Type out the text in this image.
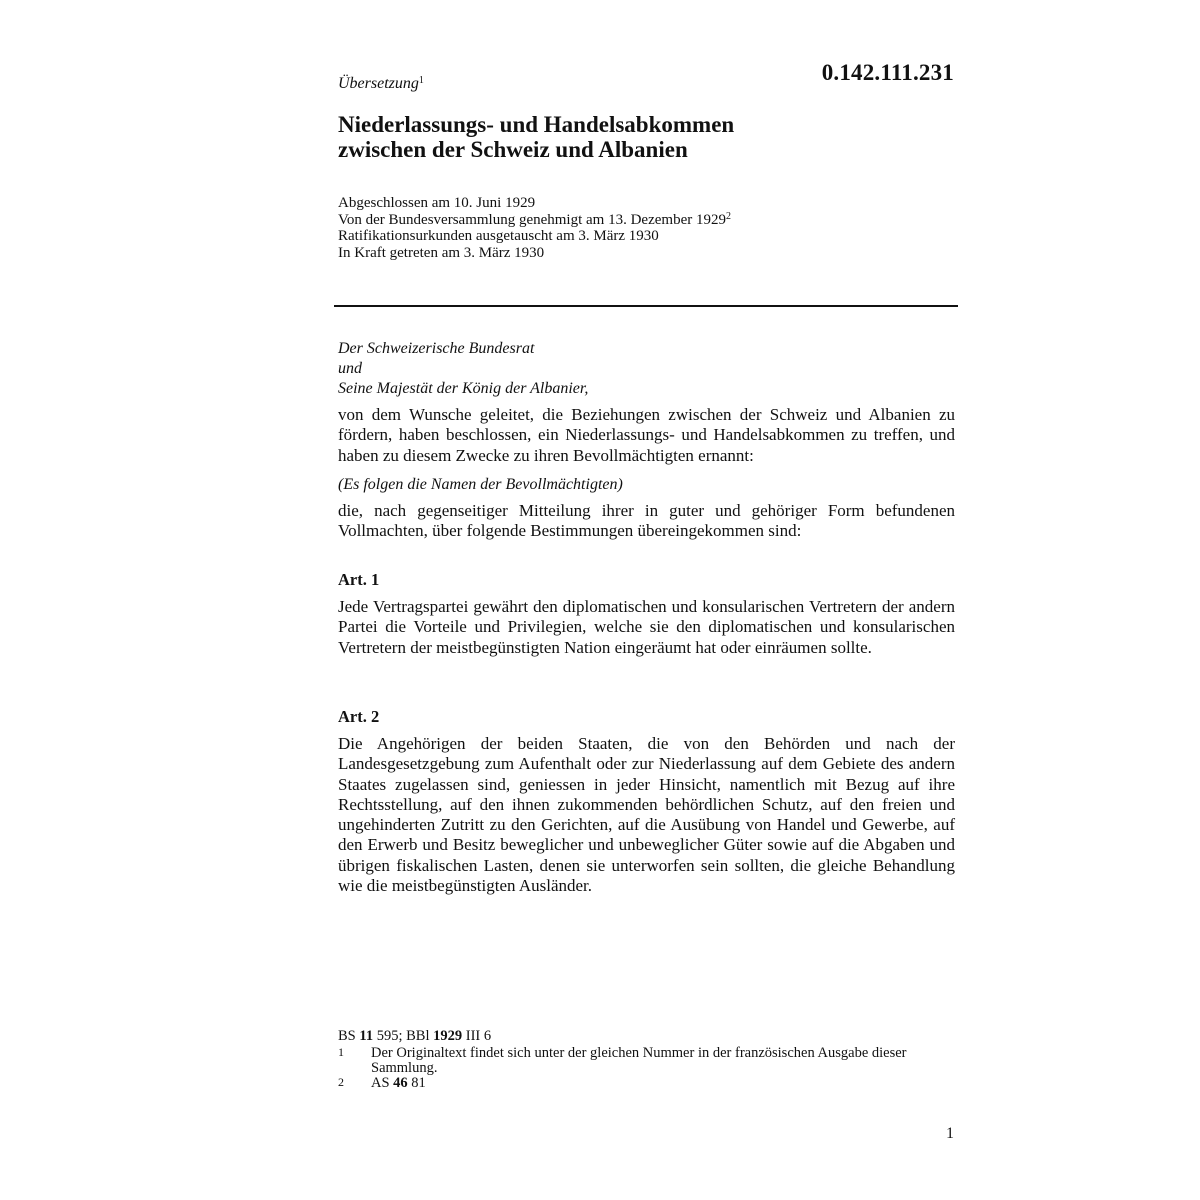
Übersetzung$^1$	0.142.111.231
Niederlassungs- und Handelsabkommen
zwischen der Schweiz und Albanien
Abgeschlossen am 10. Juni 1929
Von der Bundesversammlung genehmigt am 13. Dezember 1929$^2$
Ratifikationsurkunden ausgetauscht am 3. März 1930
In Kraft getreten am 3. März 1930
Der Schweizerische Bundesrat
und
Seine Majestät der König der Albanier,
von dem Wunsche geleitet, die Beziehungen zwischen der Schweiz und Albanien zu fördern, haben beschlossen, ein Niederlassungs- und Handelsabkommen zu treffen, und haben zu diesem Zwecke zu ihren Bevollmächtigten ernannt:
(Es folgen die Namen der Bevollmächtigten)
die, nach gegenseitiger Mitteilung ihrer in guter und gehöriger Form befundenen Vollmachten, über folgende Bestimmungen übereingekommen sind:
Art. 1
Jede Vertragspartei gewährt den diplomatischen und konsularischen Vertretern der andern Partei die Vorteile und Privilegien, welche sie den diplomatischen und konsularischen Vertretern der meistbegünstigten Nation eingeräumt hat oder einräumen sollte.
Art. 2
Die Angehörigen der beiden Staaten, die von den Behörden und nach der Landesgesetzgebung zum Aufenthalt oder zur Niederlassung auf dem Gebiete des andern Staates zugelassen sind, geniessen in jeder Hinsicht, namentlich mit Bezug auf ihre Rechtsstellung, auf den ihnen zukommenden behördlichen Schutz, auf den freien und ungehinderten Zutritt zu den Gerichten, auf die Ausübung von Handel und Gewerbe, auf den Erwerb und Besitz beweglicher und unbeweglicher Güter sowie auf die Abgaben und übrigen fiskalischen Lasten, denen sie unterworfen sein sollten, die gleiche Behandlung wie die meistbegünstigten Ausländer.
BS 11 595; BBl 1929 III 6
1	Der Originaltext findet sich unter der gleichen Nummer in der französischen Ausgabe dieser Sammlung.
2	AS 46 81
1
